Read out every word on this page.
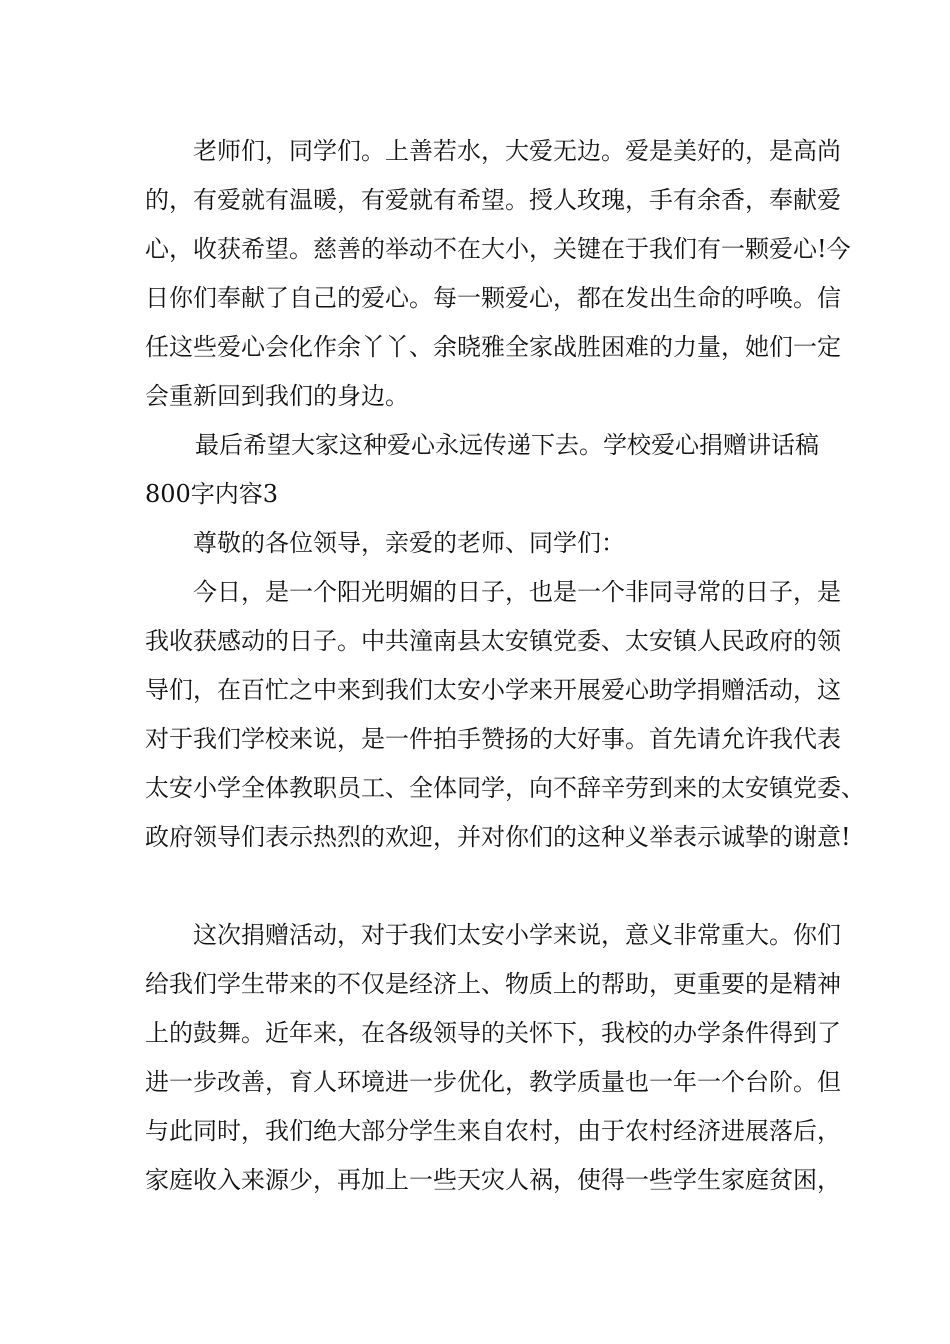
老师们，同学们。上善若水，大爱无边。爱是美好的，是高尚
的，有爱就有温暖，有爱就有希望。授人玫瑰，手有余香，奉献爱
心，收获希望。慈善的举动不在大小，关键在于我们有一颗爱心!今
日你们奉献了自己的爱心。每一颗爱心，都在发出生命的呼唤。信
任这些爱心会化作余丫丫、余晓雅全家战胜困难的力量，她们一定
会重新回到我们的身边。
最后希望大家这种爱心永远传递下去。学校爱心捐赠讲话稿
800字内容3
尊敬的各位领导，亲爱的老师、同学们：
今日，是一个阳光明媚的日子，也是一个非同寻常的日子，是
我收获感动的日子。中共潼南县太安镇党委、太安镇人民政府的领
导们，在百忙之中来到我们太安小学来开展爱心助学捐赠活动，这
对于我们学校来说，是一件拍手赞扬的大好事。首先请允许我代表
太安小学全体教职员工、全体同学，向不辞辛劳到来的太安镇党委、
政府领导们表示热烈的欢迎，并对你们的这种义举表示诚挚的谢意!
这次捐赠活动，对于我们太安小学来说，意义非常重大。你们
给我们学生带来的不仅是经济上、物质上的帮助，更重要的是精神
上的鼓舞。近年来，在各级领导的关怀下，我校的办学条件得到了
进一步改善，育人环境进一步优化，教学质量也一年一个台阶。但
与此同时，我们绝大部分学生来自农村，由于农村经济进展落后，
家庭收入来源少，再加上一些天灾人祸，使得一些学生家庭贫困，
